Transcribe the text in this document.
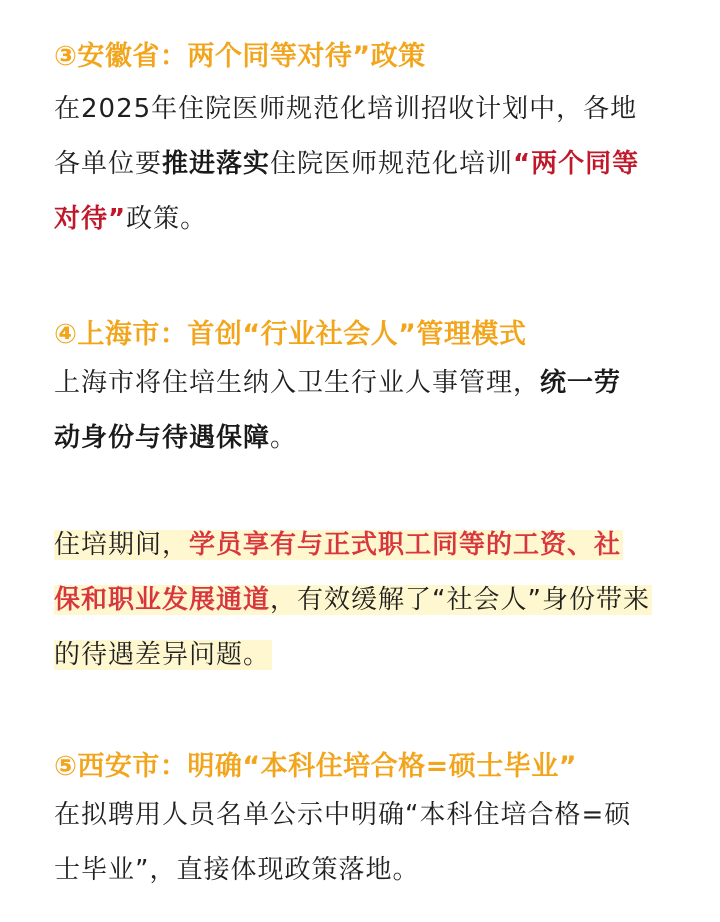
③安徽省：两个同等对待”政策
在2025年住院医师规范化培训招收计划中，各地
各单位要推进落实住院医师规范化培训“两个同等
对待”政策。
④上海市：首创“行业社会人”管理模式
上海市将住培生纳入卫生行业人事管理，统一劳
动身份与待遇保障。
住培期间，学员享有与正式职工同等的工资、社
保和职业发展通道，有效缓解了“社会人”身份带来
的待遇差异问题。
⑤西安市：明确“本科住培合格=硕士毕业”
在拟聘用人员名单公示中明确“本科住培合格=硕
士毕业”，直接体现政策落地。
